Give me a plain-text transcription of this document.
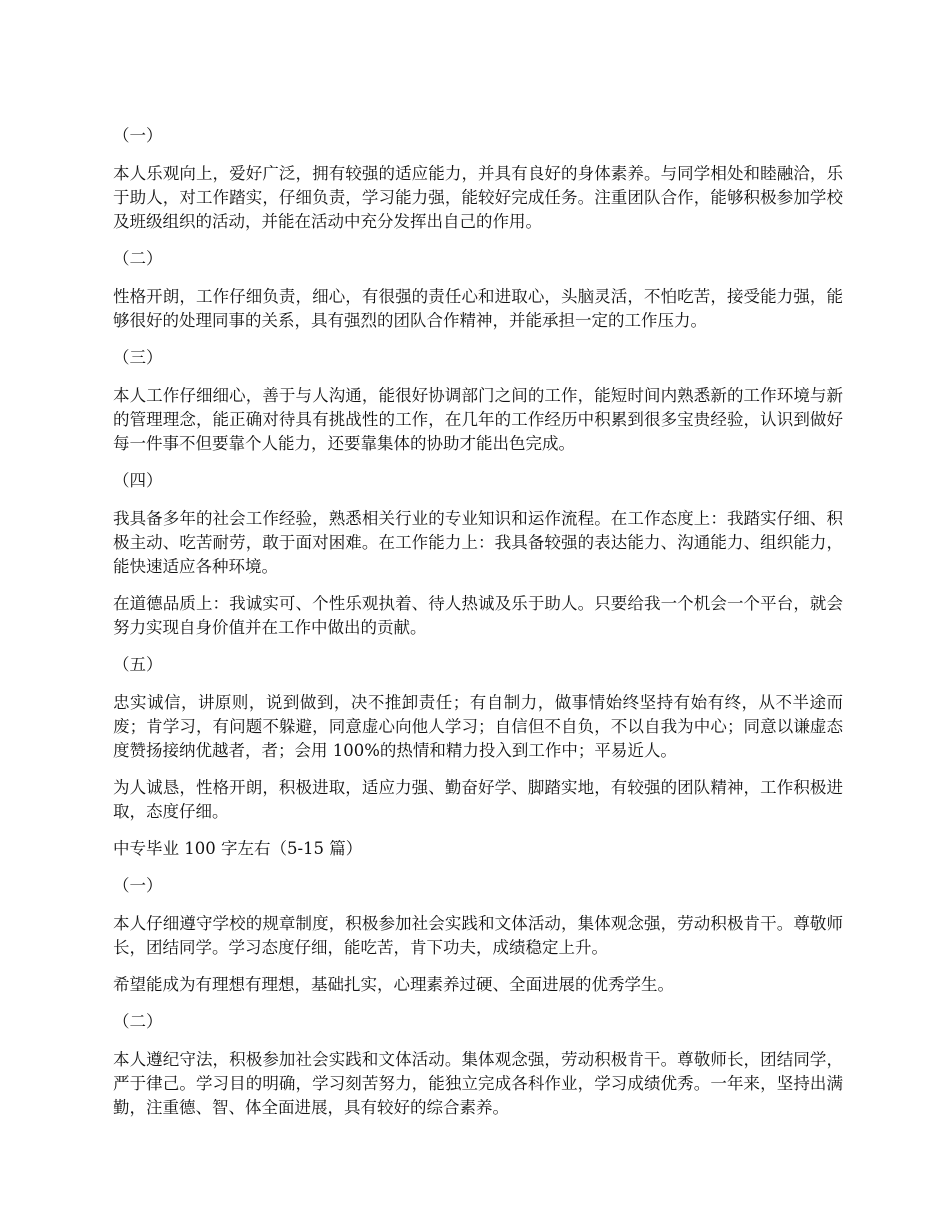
（一）

本人乐观向上，爱好广泛，拥有较强的适应能力，并具有良好的身体素养。与同学相处和睦融洽，乐于助人，对工作踏实，仔细负责，学习能力强，能较好完成任务。注重团队合作，能够积极参加学校及班级组织的活动，并能在活动中充分发挥出自己的作用。

（二）

性格开朗，工作仔细负责，细心，有很强的责任心和进取心，头脑灵活，不怕吃苦，接受能力强，能够很好的处理同事的关系，具有强烈的团队合作精神，并能承担一定的工作压力。

（三）

本人工作仔细细心，善于与人沟通，能很好协调部门之间的工作，能短时间内熟悉新的工作环境与新的管理理念，能正确对待具有挑战性的工作，在几年的工作经历中积累到很多宝贵经验，认识到做好每一件事不但要靠个人能力，还要靠集体的协助才能出色完成。

（四）

我具备多年的社会工作经验，熟悉相关行业的专业知识和运作流程。在工作态度上：我踏实仔细、积极主动、吃苦耐劳，敢于面对困难。在工作能力上：我具备较强的表达能力、沟通能力、组织能力，能快速适应各种环境。

在道德品质上：我诚实可、个性乐观执着、待人热诚及乐于助人。只要给我一个机会一个平台，就会努力实现自身价值并在工作中做出的贡献。

（五）

忠实诚信，讲原则，说到做到，决不推卸责任；有自制力，做事情始终坚持有始有终，从不半途而废；肯学习，有问题不躲避，同意虚心向他人学习；自信但不自负，不以自我为中心；同意以谦虚态度赞扬接纳优越者，者；会用 100%的热情和精力投入到工作中；平易近人。

为人诚恳，性格开朗，积极进取，适应力强、勤奋好学、脚踏实地，有较强的团队精神，工作积极进取，态度仔细。

中专毕业 100 字左右（5-15 篇）

（一）

本人仔细遵守学校的规章制度，积极参加社会实践和文体活动，集体观念强，劳动积极肯干。尊敬师长，团结同学。学习态度仔细，能吃苦，肯下功夫，成绩稳定上升。

希望能成为有理想有理想，基础扎实，心理素养过硬、全面进展的优秀学生。

（二）

本人遵纪守法，积极参加社会实践和文体活动。集体观念强，劳动积极肯干。尊敬师长，团结同学，严于律己。学习目的明确，学习刻苦努力，能独立完成各科作业，学习成绩优秀。一年来，坚持出满勤，注重德、智、体全面进展，具有较好的综合素养。
